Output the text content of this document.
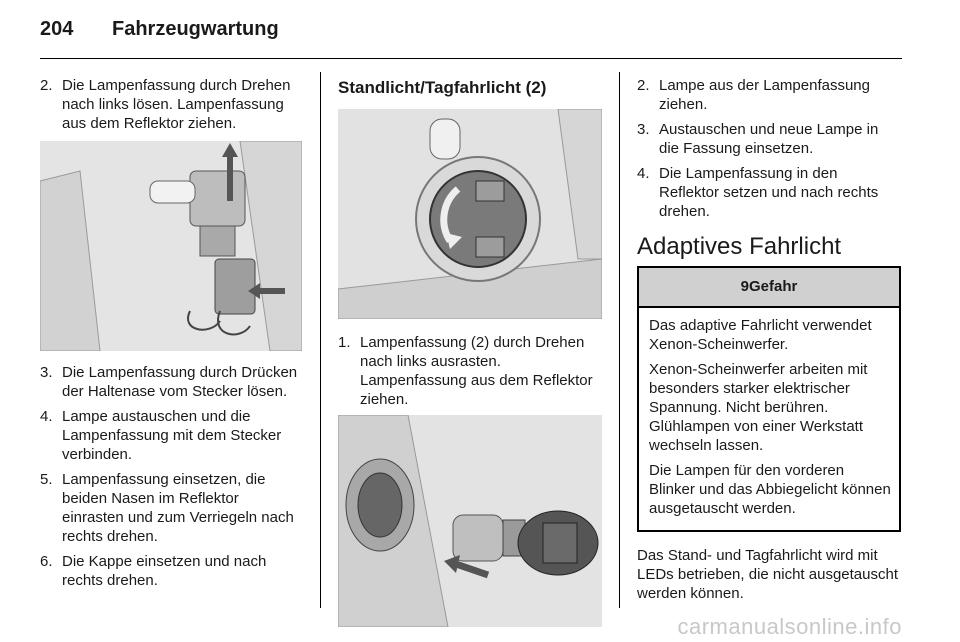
204 Fahrzeugwartung
2. Die Lampenfassung durch Drehen nach links lösen. Lampenfassung aus dem Reflektor ziehen.
3. Die Lampenfassung durch Drücken der Haltenase vom Stecker lösen.
4. Lampe austauschen und die Lampenfassung mit dem Stecker verbinden.
5. Lampenfassung einsetzen, die beiden Nasen im Reflektor einrasten und zum Verriegeln nach rechts drehen.
6. Die Kappe einsetzen und nach rechts drehen.
Standlicht/Tagfahrlicht (2)
1. Lampenfassung (2) durch Drehen nach links ausrasten. Lampenfassung aus dem Reflektor ziehen.
2. Lampe aus der Lampenfassung ziehen.
3. Austauschen und neue Lampe in die Fassung einsetzen.
4. Die Lampenfassung in den Reflektor setzen und nach rechts drehen.
Adaptives Fahrlicht
9Gefahr

Das adaptive Fahrlicht verwendet Xenon-Scheinwerfer.

Xenon-Scheinwerfer arbeiten mit besonders starker elektrischer Spannung. Nicht berühren. Glühlampen von einer Werkstatt wechseln lassen.

Die Lampen für den vorderen Blinker und das Abbiegelicht können ausgetauscht werden.

Das Stand- und Tagfahrlicht wird mit LEDs betrieben, die nicht ausgetauscht werden können.

carmanualsonline.info
